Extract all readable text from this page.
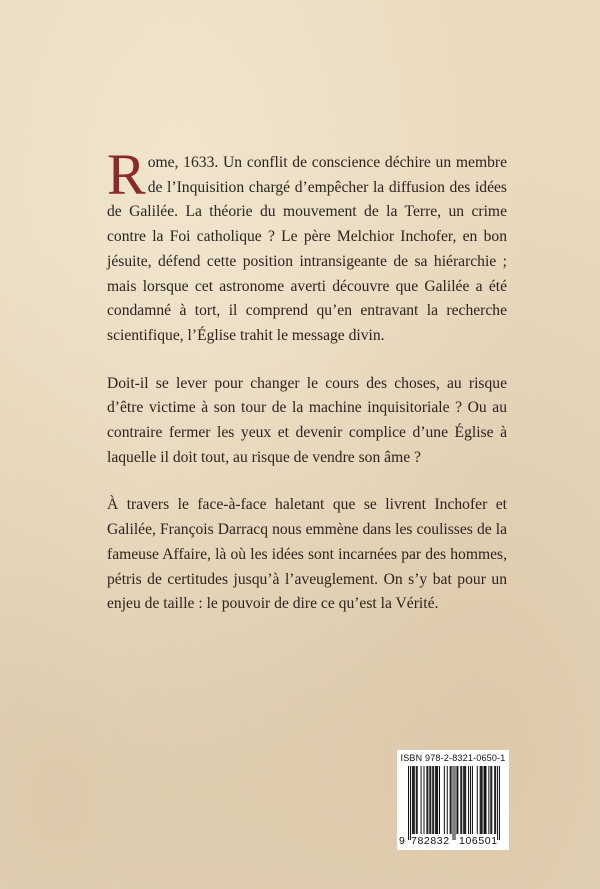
Rome, 1633. Un conflit de conscience déchire un membre de l’Inquisition chargé d’empêcher la diffusion des idées de Galilée. La théorie du mouvement de la Terre, un crime contre la Foi catholique ? Le père Melchior Inchofer, en bon jésuite, défend cette position intransigeante de sa hiérarchie ; mais lorsque cet astronome averti découvre que Galilée a été condamné à tort, il comprend qu’en entravant la recherche scientifique, l’Église trahit le message divin.

Doit-il se lever pour changer le cours des choses, au risque d’être victime à son tour de la machine inquisitoriale ? Ou au contraire fermer les yeux et devenir complice d’une Église à laquelle il doit tout, au risque de vendre son âme ?

À travers le face-à-face haletant que se livrent Inchofer et Galilée, François Darracq nous emmène dans les coulisses de la fameuse Affaire, là où les idées sont incarnées par des hommes, pétris de certitudes jusqu’à l’aveuglement. On s’y bat pour un enjeu de taille : le pouvoir de dire ce qu’est la Vérité.

ISBN 978-2-8321-0650-1
9 782832 106501
